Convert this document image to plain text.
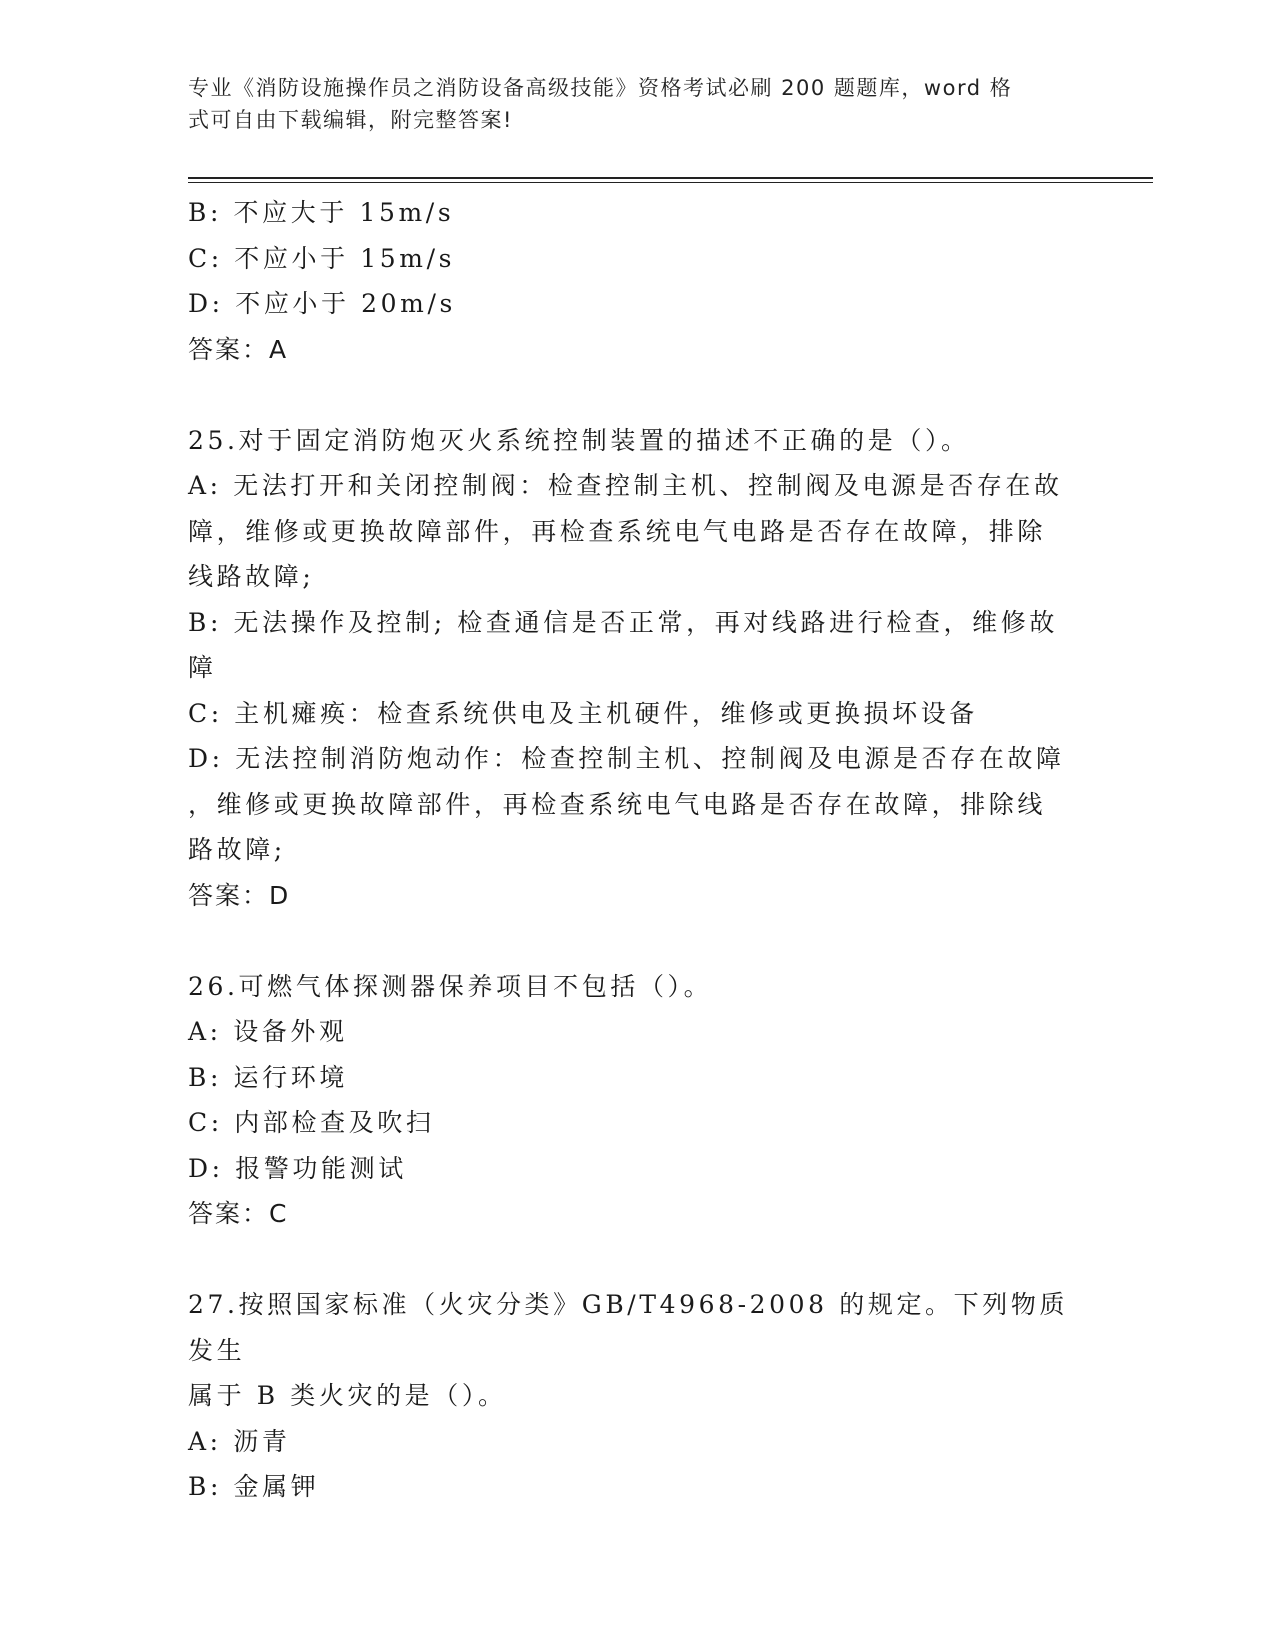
专业《消防设施操作员之消防设备高级技能》资格考试必刷 200 题题库，word 格
式可自由下载编辑，附完整答案!
B: 不应大于 15m/s
C: 不应小于 15m/s
D: 不应小于 20m/s
答案：A
25.对于固定消防炮灭火系统控制装置的描述不正确的是（）。
A: 无法打开和关闭控制阀：检查控制主机、控制阀及电源是否存在故
障，维修或更换故障部件，再检查系统电气电路是否存在故障，排除
线路故障;
B: 无法操作及控制; 检查通信是否正常，再对线路进行检查，维修故
障
C: 主机瘫痪：检查系统供电及主机硬件，维修或更换损坏设备
D: 无法控制消防炮动作：检查控制主机、控制阀及电源是否存在故障
，维修或更换故障部件，再检查系统电气电路是否存在故障，排除线
路故障;
答案：D
26.可燃气体探测器保养项目不包括（）。
A: 设备外观
B: 运行环境
C: 内部检查及吹扫
D: 报警功能测试
答案：C
27.按照国家标准（火灾分类》GB/T4968-2008 的规定。下列物质发生
属于 B 类火灾的是（）。
A: 沥青
B: 金属钾
